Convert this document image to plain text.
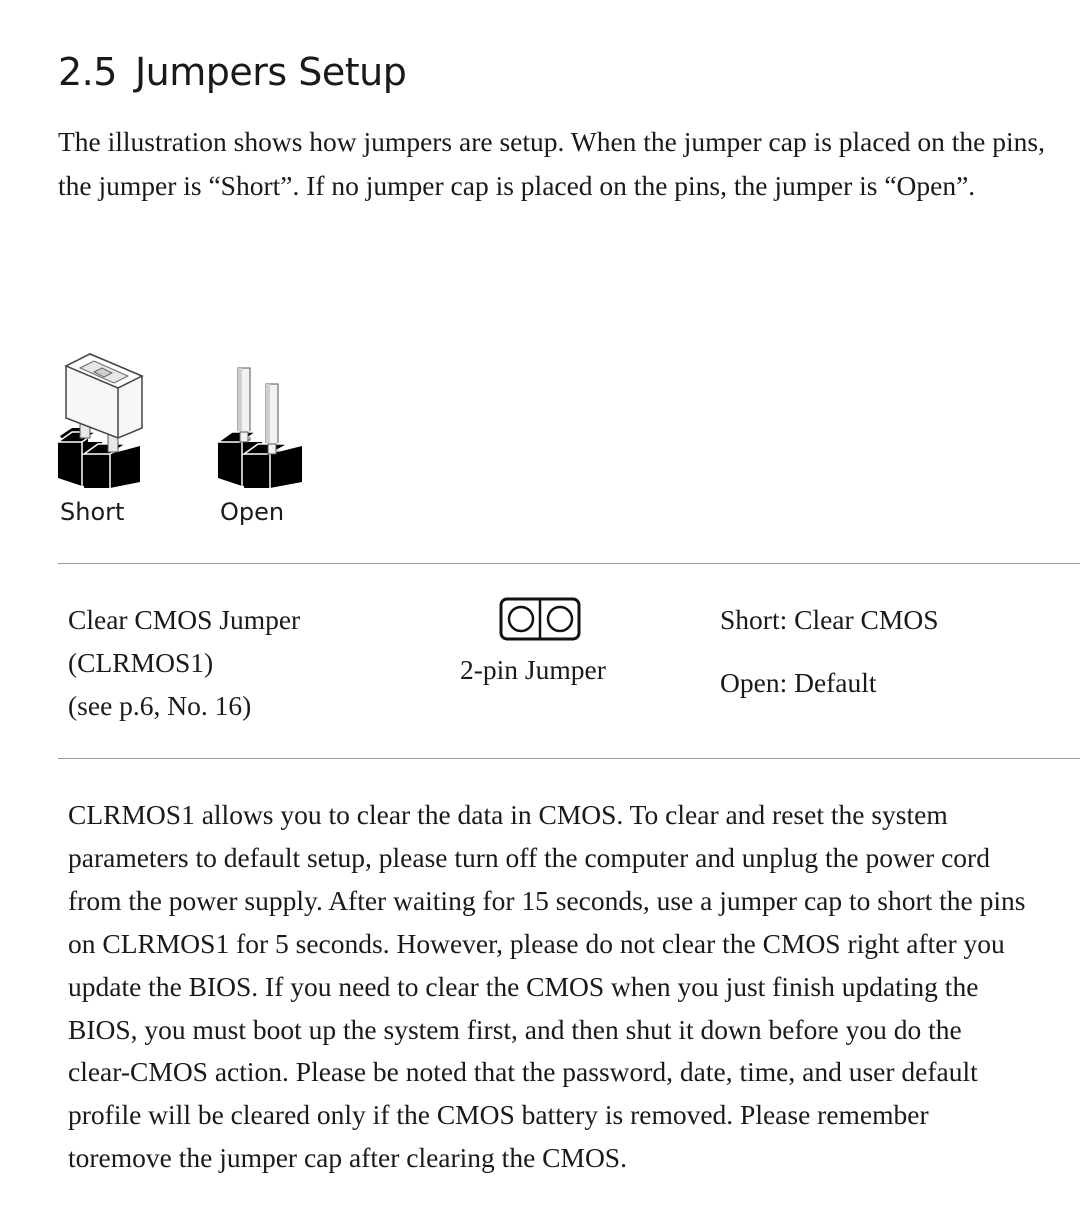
2.5 Jumpers Setup

The illustration shows how jumpers are setup. When the jumper cap is placed on the pins, the jumper is “Short”. If no jumper cap is placed on the pins, the jumper is “Open”.

Short	Open
Clear CMOS Jumper
(CLRMOS1)
(see p.6, No. 16)
2-pin Jumper
Short: Clear CMOS
Open: Default

CLRMOS1 allows you to clear the data in CMOS. To clear and reset the system parameters to default setup, please turn off the computer and unplug the power cord from the power supply. After waiting for 15 seconds, use a jumper cap to short the pins on CLRMOS1 for 5 seconds. However, please do not clear the CMOS right after you update the BIOS. If you need to clear the CMOS when you just finish updating the BIOS, you must boot up the system first, and then shut it down before you do the clear-CMOS action. Please be noted that the password, date, time, and user default profile will be cleared only if the CMOS battery is removed. Please remember toremove the jumper cap after clearing the CMOS.
